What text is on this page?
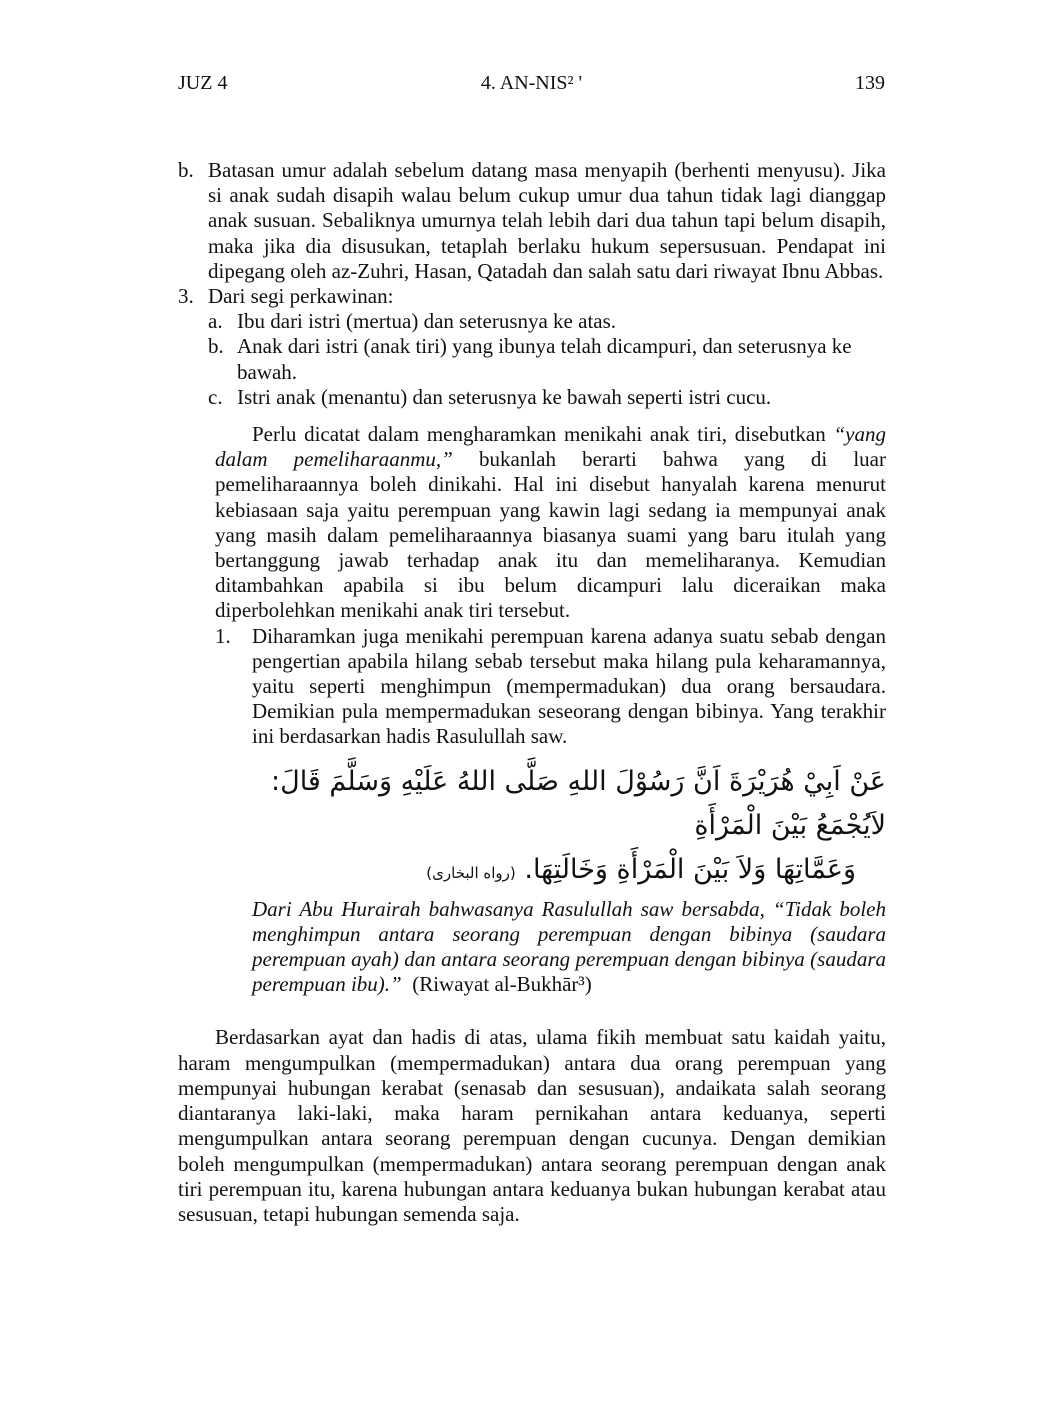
JUZ 4	4. AN-NIS² '	139
b. Batasan umur adalah sebelum datang masa menyapih (berhenti menyusu). Jika si anak sudah disapih walau belum cukup umur dua tahun tidak lagi dianggap anak susuan. Sebaliknya umurnya telah lebih dari dua tahun tapi belum disapih, maka jika dia disusukan, tetaplah berlaku hukum sepersusuan. Pendapat ini dipegang oleh az-Zuhri, Hasan, Qatadah dan salah satu dari riwayat Ibnu Abbas.
3. Dari segi perkawinan:
a. Ibu dari istri (mertua) dan seterusnya ke atas.
b. Anak dari istri (anak tiri) yang ibunya telah dicampuri, dan seterusnya ke bawah.
c. Istri anak (menantu) dan seterusnya ke bawah seperti istri cucu.
Perlu dicatat dalam mengharamkan menikahi anak tiri, disebutkan “yang dalam pemeliharaanmu,” bukanlah berarti bahwa yang di luar pemeliharaannya boleh dinikahi. Hal ini disebut hanyalah karena menurut kebiasaan saja yaitu perempuan yang kawin lagi sedang ia mempunyai anak yang masih dalam pemeliharaannya biasanya suami yang baru itulah yang bertanggung jawab terhadap anak itu dan memeliharanya. Kemudian ditambahkan apabila si ibu belum dicampuri lalu diceraikan maka diperbolehkan menikahi anak tiri tersebut.
1. Diharamkan juga menikahi perempuan karena adanya suatu sebab dengan pengertian apabila hilang sebab tersebut maka hilang pula keharamannya, yaitu seperti menghimpun (mempermadukan) dua orang bersaudara. Demikian pula mempermadukan seseorang dengan bibinya. Yang terakhir ini berdasarkan hadis Rasulullah saw.
عَنْ اَبِيْ هُرَيْرَةَ اَنَّ رَسُوْلَ اللهِ صَلَّى اللهُ عَلَيْهِ وَسَلَّمَ قَالَ: لاَيُجْمَعُ بَيْنَ الْمَرْأَةِ
وَعَمَّاتِهَا وَلاَ بَيْنَ الْمَرْأَةِ وَخَالَتِهَا. (رواه البخارى)
Dari Abu Hurairah bahwasanya Rasulullah saw bersabda, “Tidak boleh menghimpun antara seorang perempuan dengan bibinya (saudara perempuan ayah) dan antara seorang perempuan dengan bibinya (saudara perempuan ibu).” (Riwayat al-Bukhār³)
Berdasarkan ayat dan hadis di atas, ulama fikih membuat satu kaidah yaitu, haram mengumpulkan (mempermadukan) antara dua orang perempuan yang mempunyai hubungan kerabat (senasab dan sesusuan), andaikata salah seorang diantaranya laki-laki, maka haram pernikahan antara keduanya, seperti mengumpulkan antara seorang perempuan dengan cucunya. Dengan demikian boleh mengumpulkan (mempermadukan) antara seorang perempuan dengan anak tiri perempuan itu, karena hubungan antara keduanya bukan hubungan kerabat atau sesusuan, tetapi hubungan semenda saja.
